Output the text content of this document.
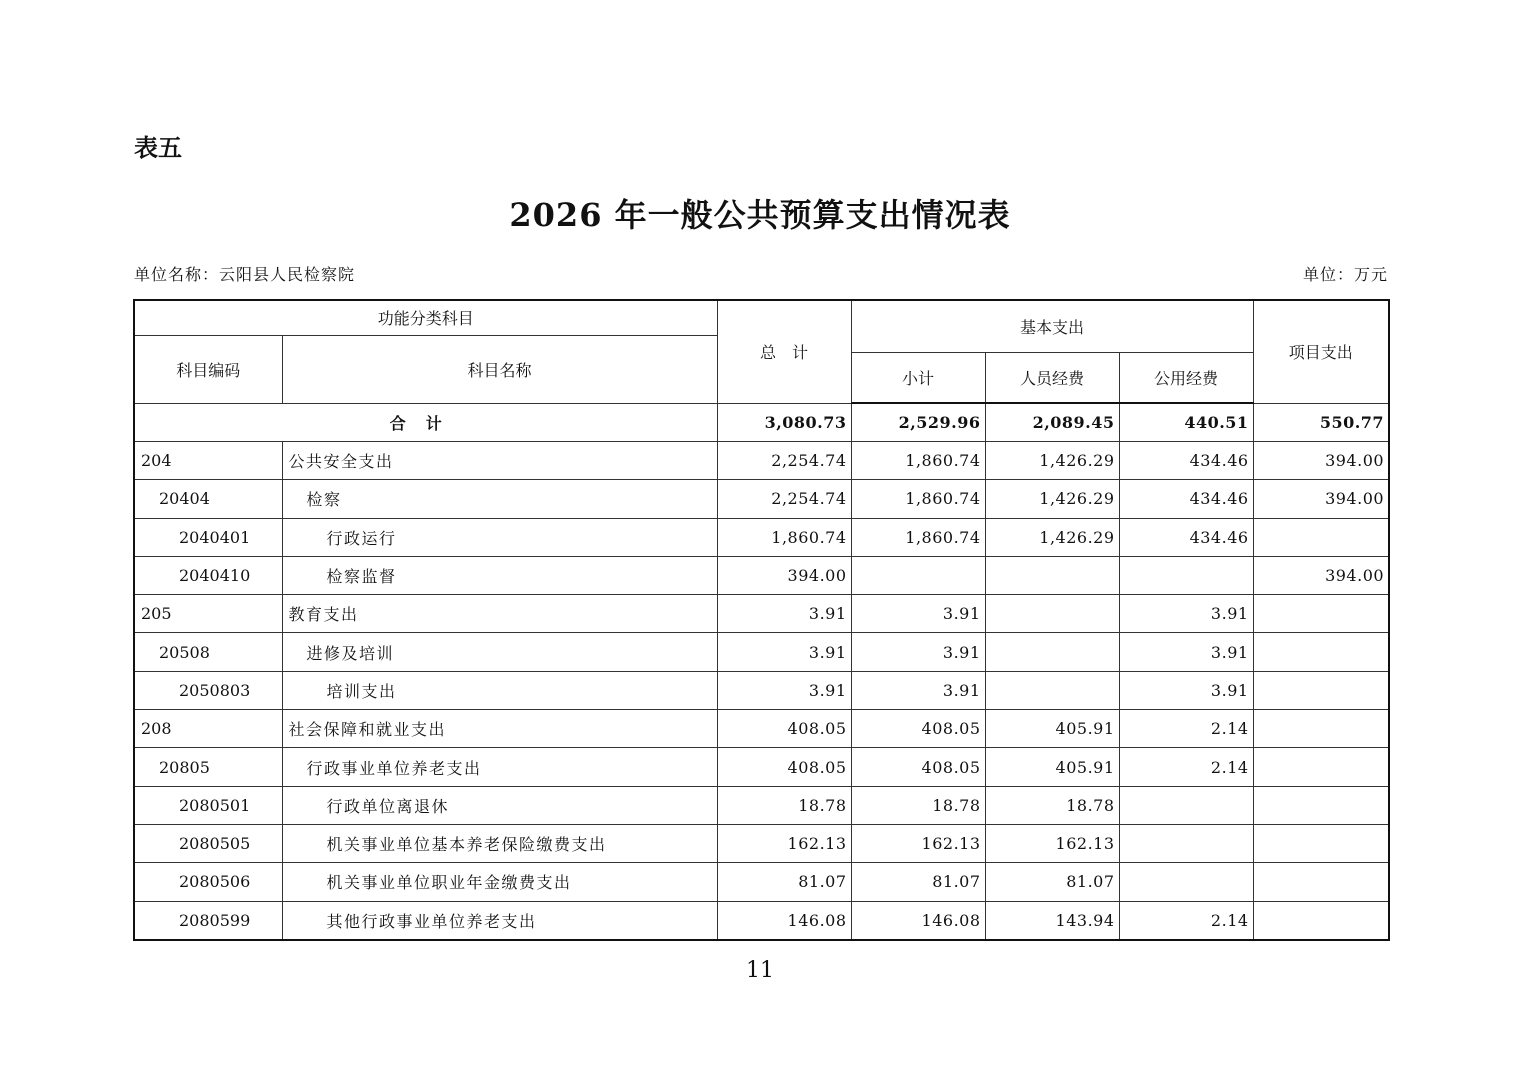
表五
2026 年一般公共预算支出情况表
单位名称：云阳县人民检察院	单位：万元
功能分类科目		总　计	基本支出			项目支出
科目编码	科目名称					
			小计	人员经费	公用经费	
合计		3,080.73	2,529.96	2,089.45	440.51	550.77
204	公共安全支出	2,254.74	1,860.74	1,426.29	434.46	394.00
20404	检察	2,254.74	1,860.74	1,426.29	434.46	394.00
2040401	行政运行	1,860.74	1,860.74	1,426.29	434.46	
2040410	检察监督	394.00				394.00
205	教育支出	3.91	3.91		3.91	
20508	进修及培训	3.91	3.91		3.91	
2050803	培训支出	3.91	3.91		3.91	
208	社会保障和就业支出	408.05	408.05	405.91	2.14	
20805	行政事业单位养老支出	408.05	408.05	405.91	2.14	
2080501	行政单位离退休	18.78	18.78	18.78		
2080505	机关事业单位基本养老保险缴费支出	162.13	162.13	162.13		
2080506	机关事业单位职业年金缴费支出	81.07	81.07	81.07		
2080599	其他行政事业单位养老支出	146.08	146.08	143.94	2.14	
11
